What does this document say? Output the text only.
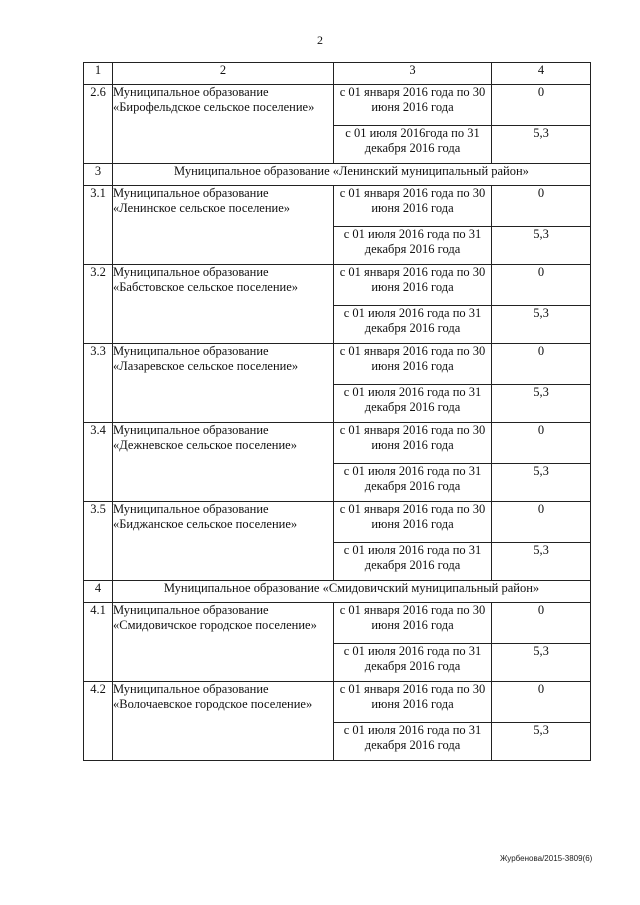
2
1	2	3	4
2.6	Муниципальное образование «Бирофельдское сельское поселение»	с 01 января 2016 года по 30 июня 2016 года	0
		с 01 июля 2016года по 31 декабря 2016 года	5,3
3	Муниципальное образование «Ленинский муниципальный район»		
3.1	Муниципальное образование «Ленинское сельское поселение»	с 01 января 2016 года по 30 июня 2016 года	0
		с 01 июля 2016 года по 31 декабря 2016 года	5,3
3.2	Муниципальное образование «Бабстовское сельское поселение»	с 01 января 2016 года по 30 июня 2016 года	0
		с 01 июля 2016 года по 31 декабря 2016 года	5,3
3.3	Муниципальное образование «Лазаревское сельское поселение»	с 01 января 2016 года по 30 июня 2016 года	0
		с 01 июля 2016 года по 31 декабря 2016 года	5,3
3.4	Муниципальное образование «Дежневское сельское поселение»	с 01 января 2016 года по 30 июня 2016 года	0
		с 01 июля 2016 года по 31 декабря 2016 года	5,3
3.5	Муниципальное образование «Биджанское сельское поселение»	с 01 января 2016 года по 30 июня 2016 года	0
		с 01 июля 2016 года по 31 декабря 2016 года	5,3
4	Муниципальное образование «Смидовичский муниципальный район»		
4.1	Муниципальное образование «Смидовичское городское поселение»	с 01 января 2016 года по 30 июня 2016 года	0
		с 01 июля 2016 года по 31 декабря 2016 года	5,3
4.2	Муниципальное образование «Волочаевское городское поселение»	с 01 января 2016 года по 30 июня 2016 года	0
		с 01 июля 2016 года по 31 декабря 2016 года	5,3
Журбенова/2015-3809(6)
